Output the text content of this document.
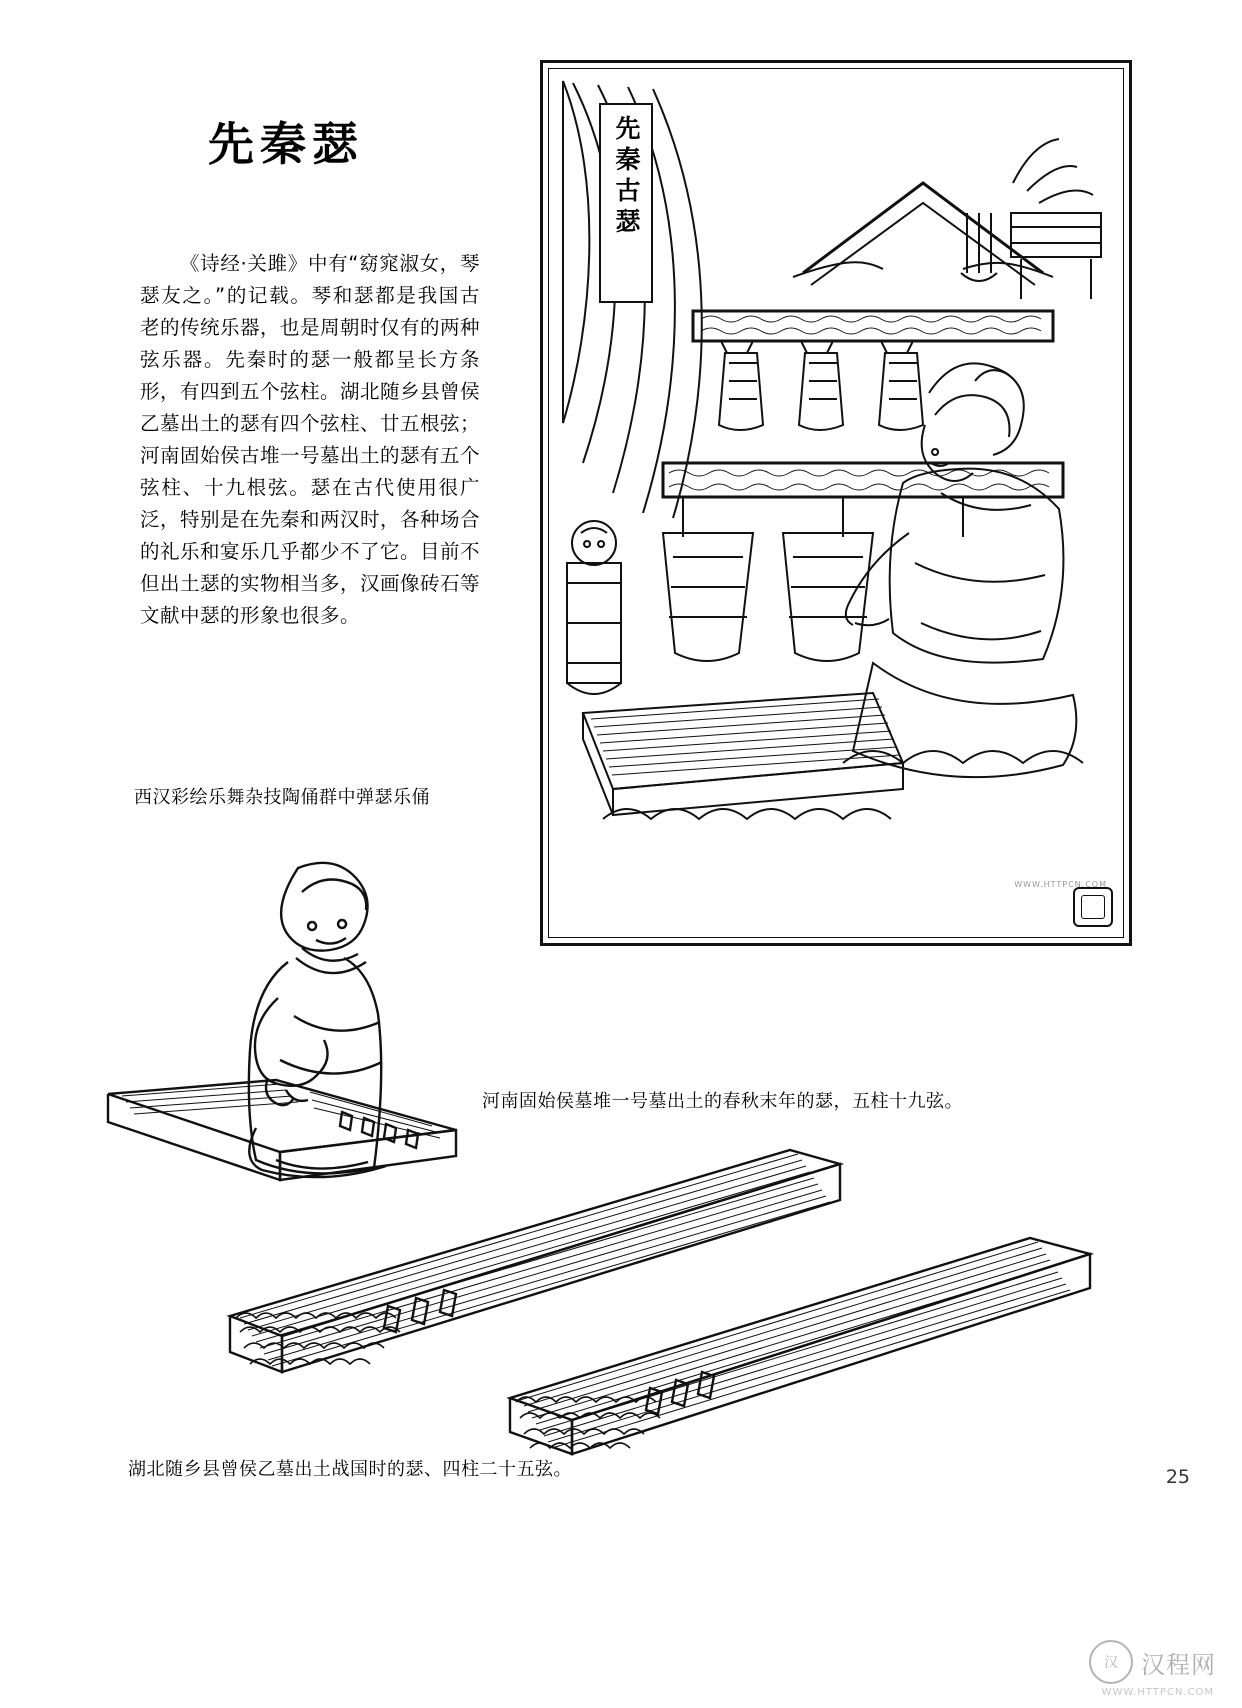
先秦瑟
《诗经·关雎》中有“窈窕淑女，琴瑟友之。”的记载。琴和瑟都是我国古老的传统乐器，也是周朝时仅有的两种弦乐器。先秦时的瑟一般都呈长方条形，有四到五个弦柱。湖北随乡县曾侯乙墓出土的瑟有四个弦柱、廿五根弦；河南固始侯古堆一号墓出土的瑟有五个弦柱、十九根弦。瑟在古代使用很广泛，特别是在先秦和两汉时，各种场合的礼乐和宴乐几乎都少不了它。目前不但出土瑟的实物相当多，汉画像砖石等文献中瑟的形象也很多。
先秦古瑟
WWW.HTTPCN.COM
西汉彩绘乐舞杂技陶俑群中弹瑟乐俑
河南固始侯墓堆一号墓出土的春秋末年的瑟，五柱十九弦。
湖北随乡县曾侯乙墓出土战国时的瑟、四柱二十五弦。	25
汉 汉程网
WWW.HTTPCN.COM
